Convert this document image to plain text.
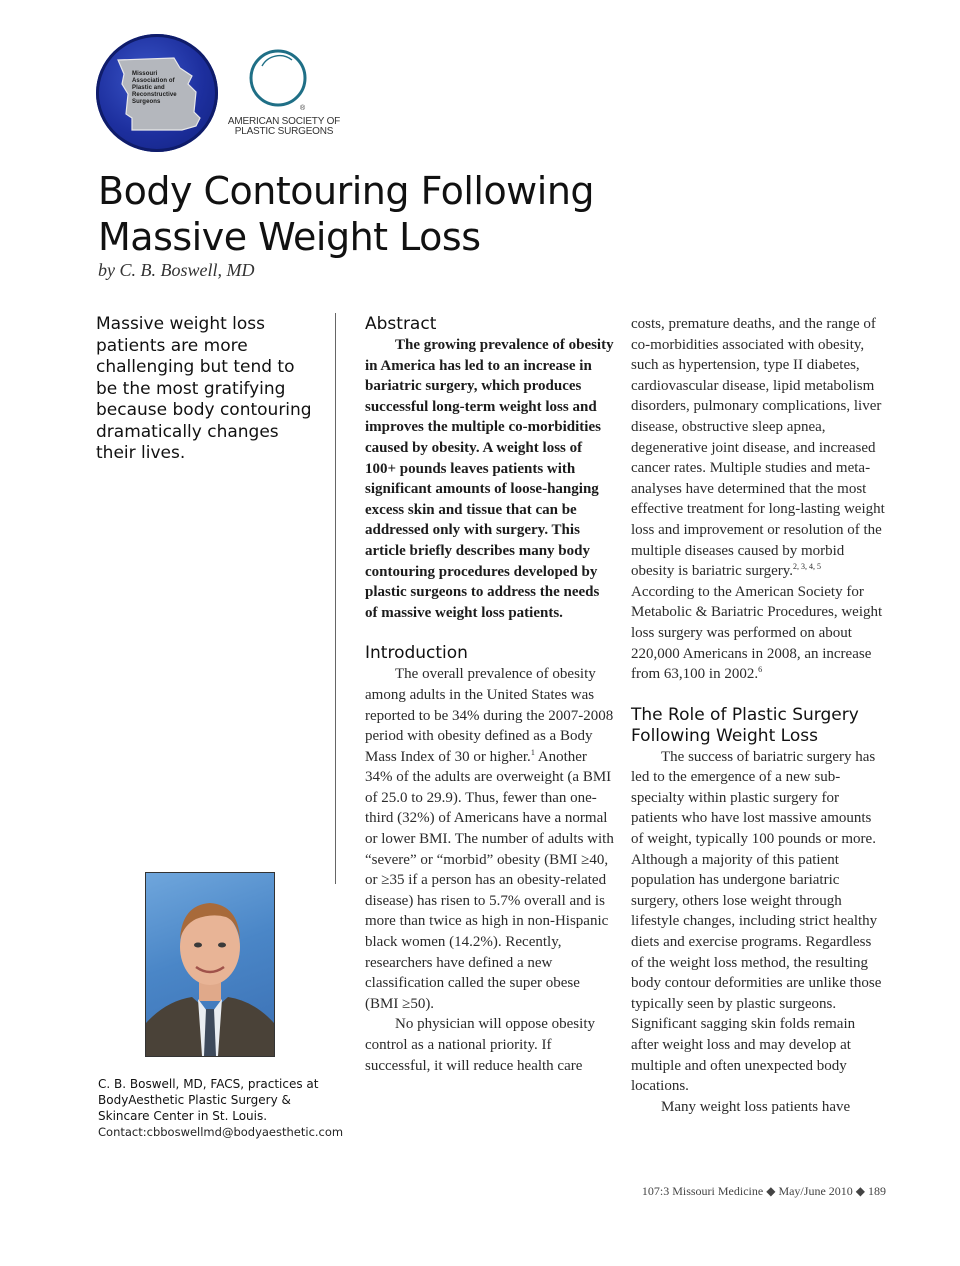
Missouri
Association of
Plastic and
Reconstructive
Surgeons
®
AMERICAN SOCIETY OF
PLASTIC SURGEONS
Body Contouring Following
Massive Weight Loss
by C. B. Boswell, MD
Massive weight loss patients are more challenging but tend to be the most gratifying because body contouring dramatically changes their lives.
C. B. Boswell, MD, FACS, practices at
BodyAesthetic Plastic Surgery &
Skincare Center in St. Louis.
Contact:cbboswellmd@bodyaesthetic.com
Abstract

The growing prevalence of obesity in America has led to an increase in bariatric surgery, which produces successful long-term weight loss and improves the multiple co-morbidities caused by obesity. A weight loss of 100+ pounds leaves patients with significant amounts of loose-hanging excess skin and tissue that can be addressed only with surgery. This article briefly describes many body contouring procedures developed by plastic surgeons to address the needs of massive weight loss patients.

Introduction

The overall prevalence of obesity among adults in the United States was reported to be 34% during the 2007-2008 period with obesity defined as a Body Mass Index of 30 or higher.$^1$ Another 34% of the adults are overweight (a BMI of 25.0 to 29.9). Thus, fewer than one-third (32%) of Americans have a normal or lower BMI. The number of adults with “severe” or “morbid” obesity (BMI ≥40, or ≥35 if a person has an obesity-related disease) has risen to 5.7% overall and is more than twice as high in non-Hispanic black women (14.2%). Recently, researchers have defined a new classification called the super obese (BMI ≥50).

No physician will oppose obesity control as a national priority. If successful, it will reduce health care

costs, premature deaths, and the range of co-morbidities associated with obesity, such as hypertension, type II diabetes, cardiovascular disease, lipid metabolism disorders, pulmonary complications, liver disease, obstructive sleep apnea, degenerative joint disease, and increased cancer rates. Multiple studies and meta-analyses have determined that the most effective treatment for long-lasting weight loss and improvement or resolution of the multiple diseases caused by morbid obesity is bariatric surgery.$^{2, 3, 4, 5}$ According to the American Society for Metabolic & Bariatric Procedures, weight loss surgery was performed on about 220,000 Americans in 2008, an increase from 63,100 in 2002.$^6$

The Role of Plastic Surgery Following Weight Loss

The success of bariatric surgery has led to the emergence of a new sub-specialty within plastic surgery for patients who have lost massive amounts of weight, typically 100 pounds or more. Although a majority of this patient population has undergone bariatric surgery, others lose weight through lifestyle changes, including strict healthy diets and exercise programs. Regardless of the weight loss method, the resulting body contour deformities are unlike those typically seen by plastic surgeons. Significant sagging skin folds remain after weight loss and may develop at multiple and often unexpected body locations.

Many weight loss patients have

107:3 Missouri Medicine ◆ May/June 2010 ◆ 189
